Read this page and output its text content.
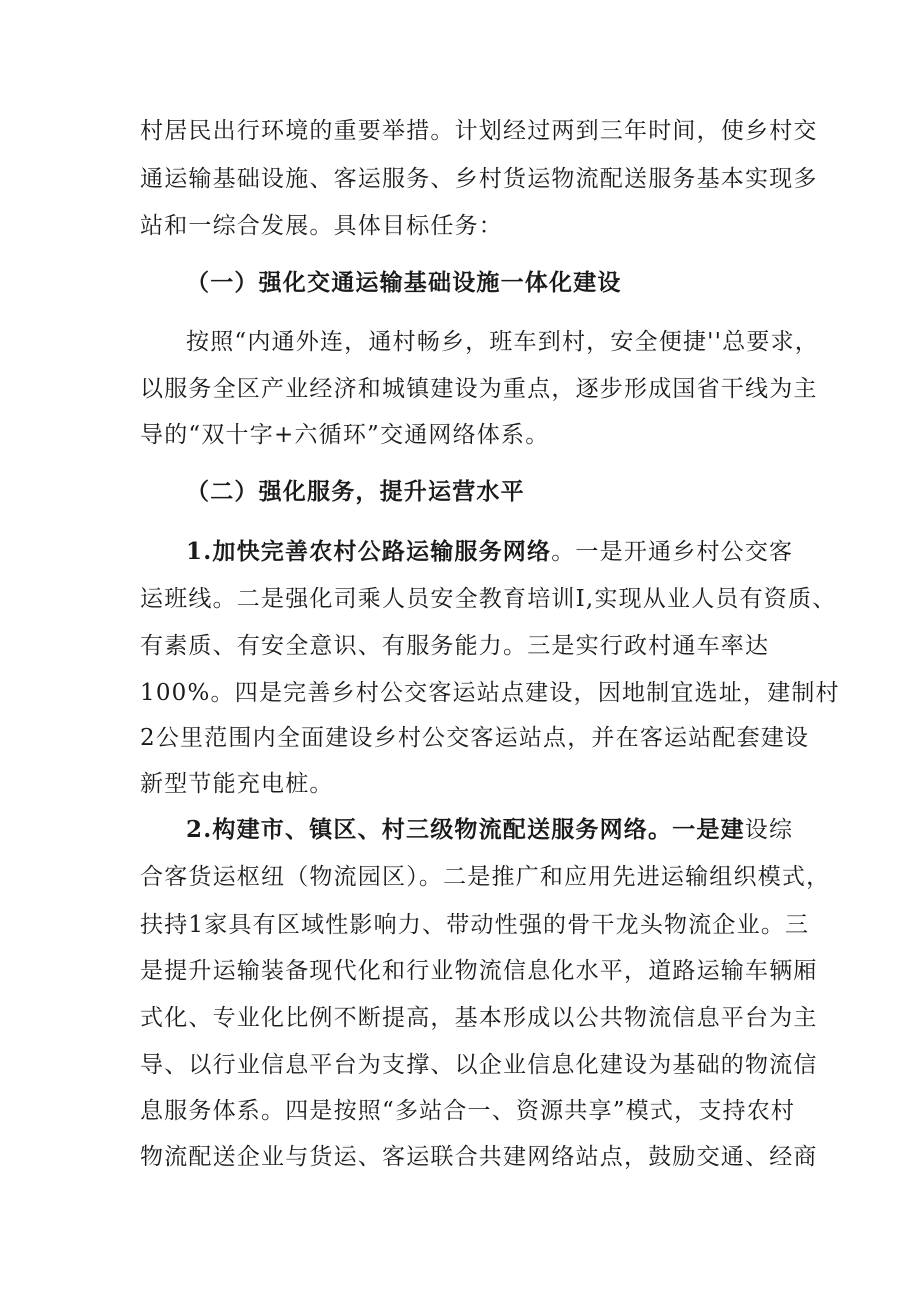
村居民出行环境的重要举措。计划经过两到三年时间，使乡村交
通运输基础设施、客运服务、乡村货运物流配送服务基本实现多
站和一综合发展。具体目标任务：
（一）强化交通运输基础设施一体化建设
按照“内通外连，通村畅乡，班车到村，安全便捷''总要求，
以服务全区产业经济和城镇建设为重点，逐步形成国省干线为主
导的“双十字+六循环”交通网络体系。
（二）强化服务，提升运营水平
1.加快完善农村公路运输服务网络。一是开通乡村公交客
运班线。二是强化司乘人员安全教育培训I,实现从业人员有资质、
有素质、有安全意识、有服务能力。三是实行政村通车率达
100%。四是完善乡村公交客运站点建设，因地制宜选址，建制村
2公里范围内全面建设乡村公交客运站点，并在客运站配套建设
新型节能充电桩。
2.构建市、镇区、村三级物流配送服务网络。一是建设综
合客货运枢纽（物流园区）。二是推广和应用先进运输组织模式，
扶持1家具有区域性影响力、带动性强的骨干龙头物流企业。三
是提升运输装备现代化和行业物流信息化水平，道路运输车辆厢
式化、专业化比例不断提高，基本形成以公共物流信息平台为主
导、以行业信息平台为支撑、以企业信息化建设为基础的物流信
息服务体系。四是按照“多站合一、资源共享”模式，支持农村
物流配送企业与货运、客运联合共建网络站点，鼓励交通、经商
